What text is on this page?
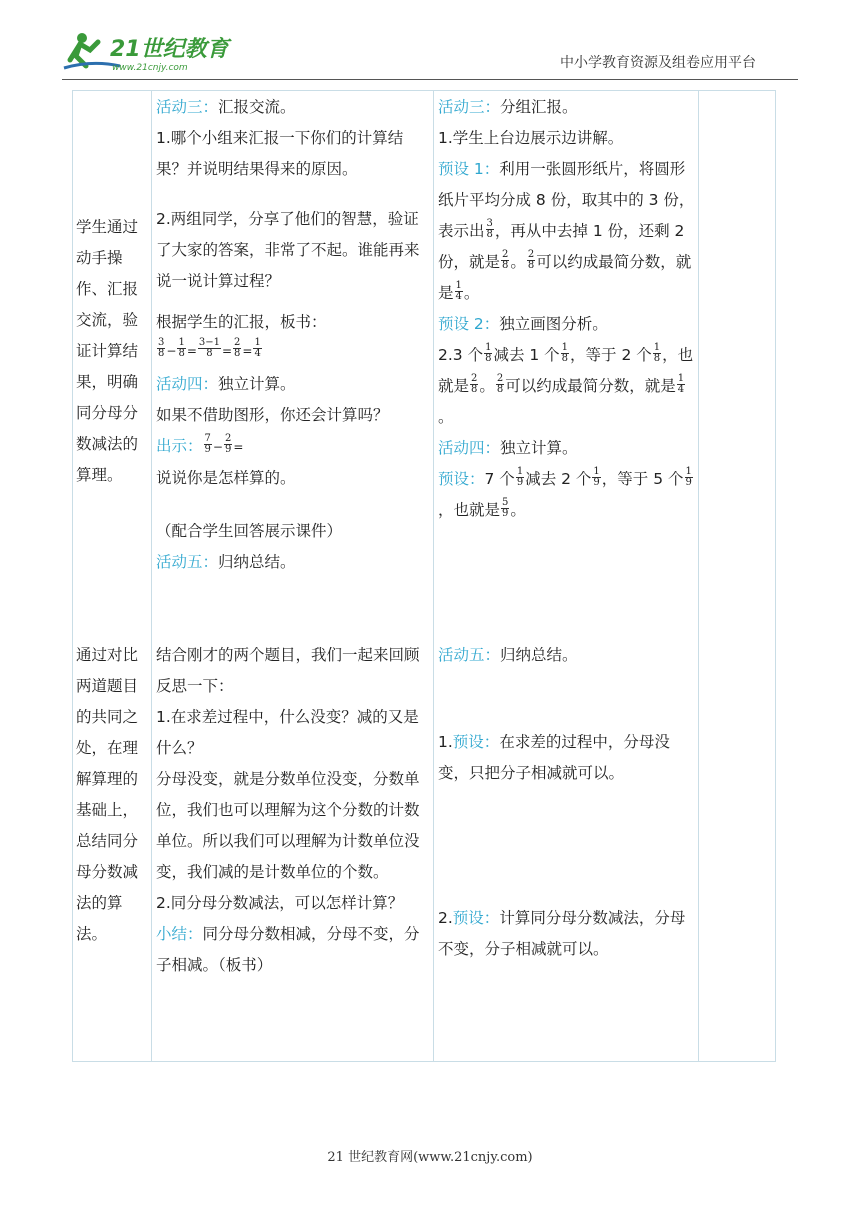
21世纪教育
www.21cnjy.com	中小学教育资源及组卷应用平台
学生通过动手操作、汇报交流，验证计算结果，明确同分母分数减法的算理。
活动三：汇报交流。
1.哪个小组来汇报一下你们的计算结果？并说明结果得来的原因。
2.两组同学，分享了他们的智慧，验证了大家的答案，非常了不起。谁能再来说一说计算过程？
根据学生的汇报，板书：
$\frac{3}{8} - \frac{1}{8} = \frac{3-1}{8} = \frac{2}{8} = \frac{1}{4}$
活动四：独立计算。
如果不借助图形，你还会计算吗？
出示： $\frac{7}{9} - \frac{2}{9}$ =
说说你是怎样算的。
（配合学生回答展示课件）
活动五：归纳总结。
活动三：分组汇报。
1.学生上台边展示边讲解。
预设 1：利用一张圆形纸片，将圆形纸片平均分成 8 份，取其中的 3 份，表示出 $\frac{3}{8}$ ，再从中去掉 1 份，还剩 2 份，就是 $\frac{2}{8}$ 。 $\frac{2}{8}$ 可以约成最简分数，就是 $\frac{1}{4}$ 。
预设 2：独立画图分析。
2.3 个 $\frac{1}{8}$ 减去 1 个 $\frac{1}{8}$ ，等于 2 个 $\frac{1}{8}$ ，也就是 $\frac{2}{8}$ 。 $\frac{2}{8}$ 可以约成最简分数，就是 $\frac{1}{4}$
。
活动四：独立计算。
预设：7 个 $\frac{1}{9}$ 减去 2 个 $\frac{1}{9}$ ，等于 5 个 $\frac{1}{9}$
，也就是 $\frac{5}{9}$ 。
通过对比两道题目的共同之处，在理解算理的基础上，总结同分母分数减法的算法。
结合刚才的两个题目，我们一起来回顾反思一下：
1.在求差过程中，什么没变？减的又是什么？
分母没变，就是分数单位没变，分数单位，我们也可以理解为这个分数的计数单位。所以我们可以理解为计数单位没变，我们减的是计数单位的个数。
2.同分母分数减法，可以怎样计算？
小结：同分母分数相减，分母不变，分子相减。（板书）
活动五：归纳总结。
1.预设：在求差的过程中，分母没变，只把分子相减就可以。
2.预设：计算同分母分数减法，分母不变，分子相减就可以。
21 世纪教育网(www.21cnjy.com)
